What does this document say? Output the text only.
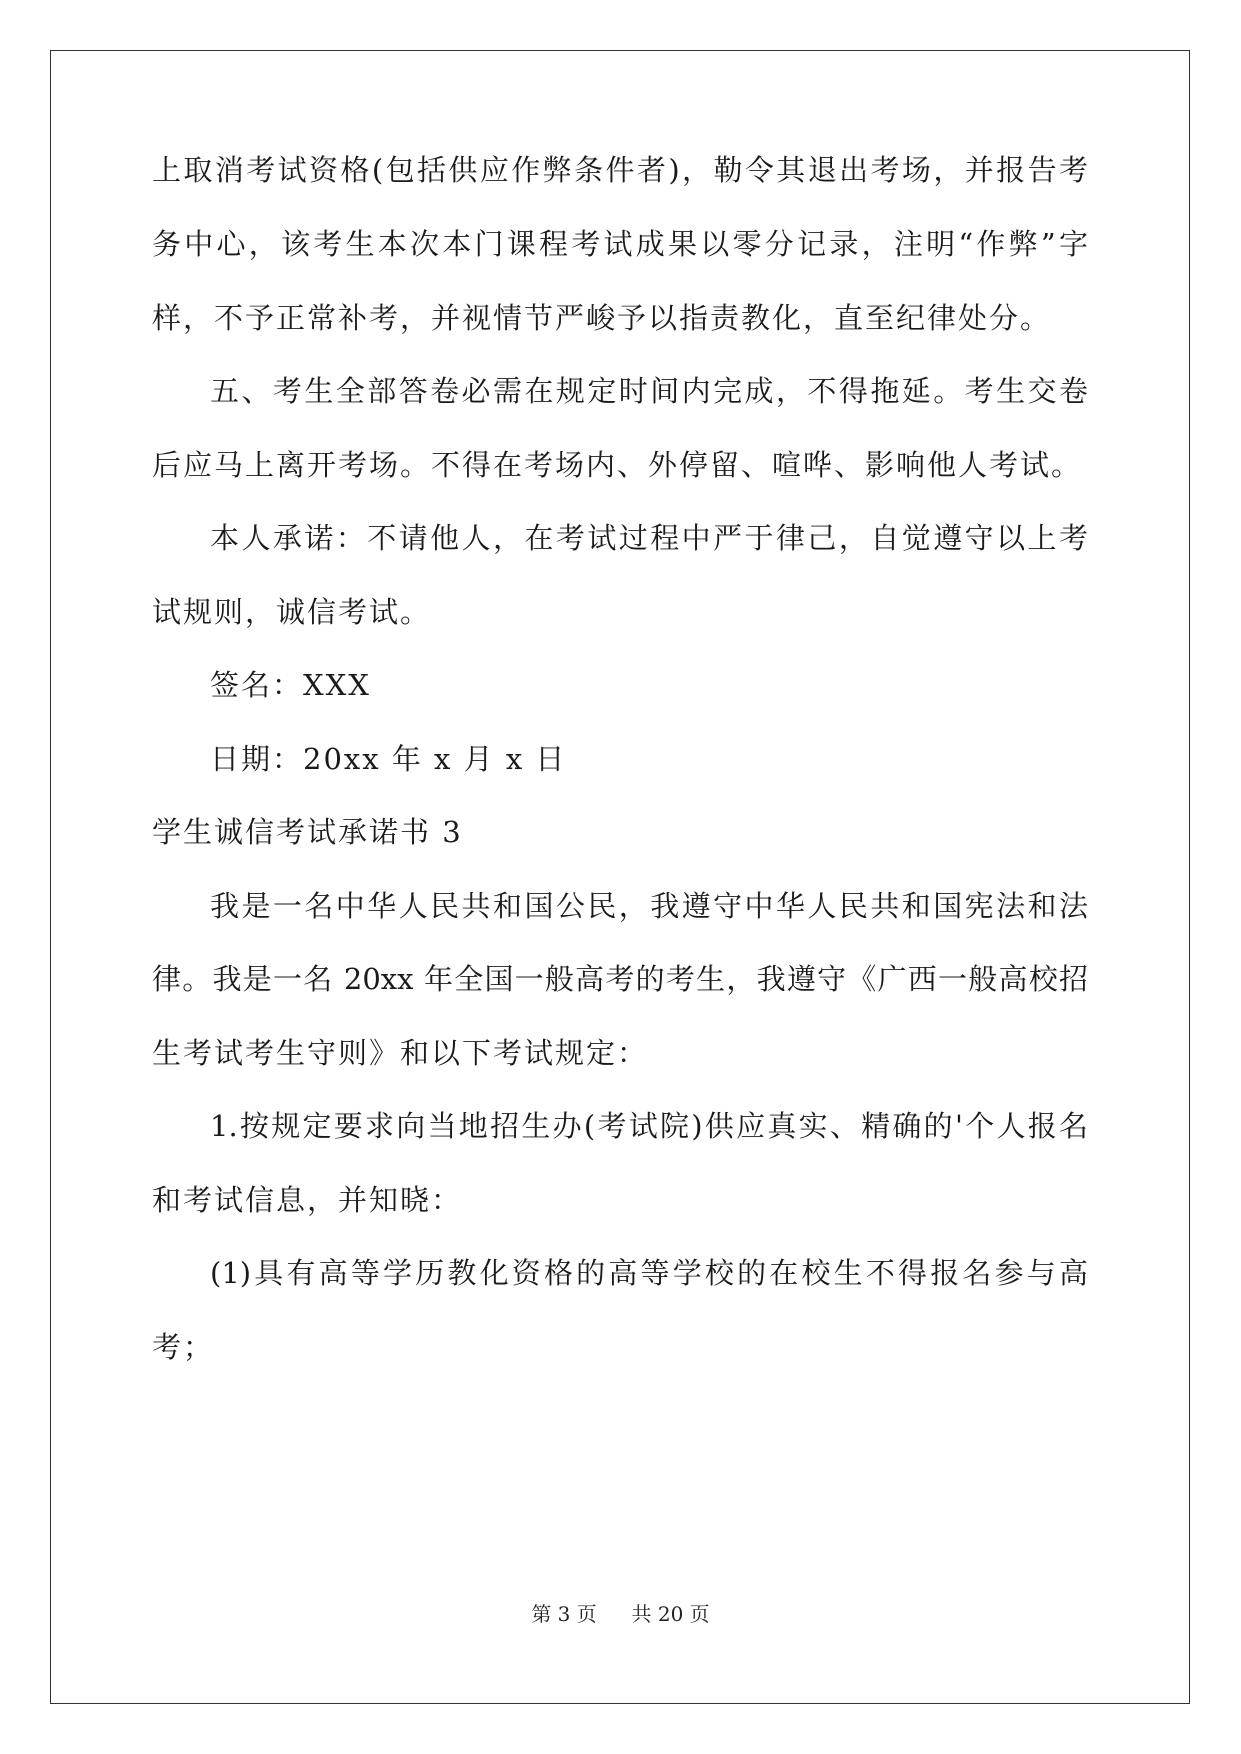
上取消考试资格(包括供应作弊条件者)，勒令其退出考场，并报告考
务中心，该考生本次本门课程考试成果以零分记录，注明“作弊”字
样，不予正常补考，并视情节严峻予以指责教化，直至纪律处分。
五、考生全部答卷必需在规定时间内完成，不得拖延。考生交卷
后应马上离开考场。不得在考场内、外停留、喧哗、影响他人考试。
本人承诺：不请他人，在考试过程中严于律己，自觉遵守以上考
试规则，诚信考试。
签名：XXX
日期：20xx 年 x 月 x 日
学生诚信考试承诺书 3
我是一名中华人民共和国公民，我遵守中华人民共和国宪法和法
律。我是一名 20xx 年全国一般高考的考生，我遵守《广西一般高校招
生考试考生守则》和以下考试规定：
1.按规定要求向当地招生办(考试院)供应真实、精确的'个人报名
和考试信息，并知晓：
(1)具有高等学历教化资格的高等学校的在校生不得报名参与高
考；
第 3 页 共 20 页
